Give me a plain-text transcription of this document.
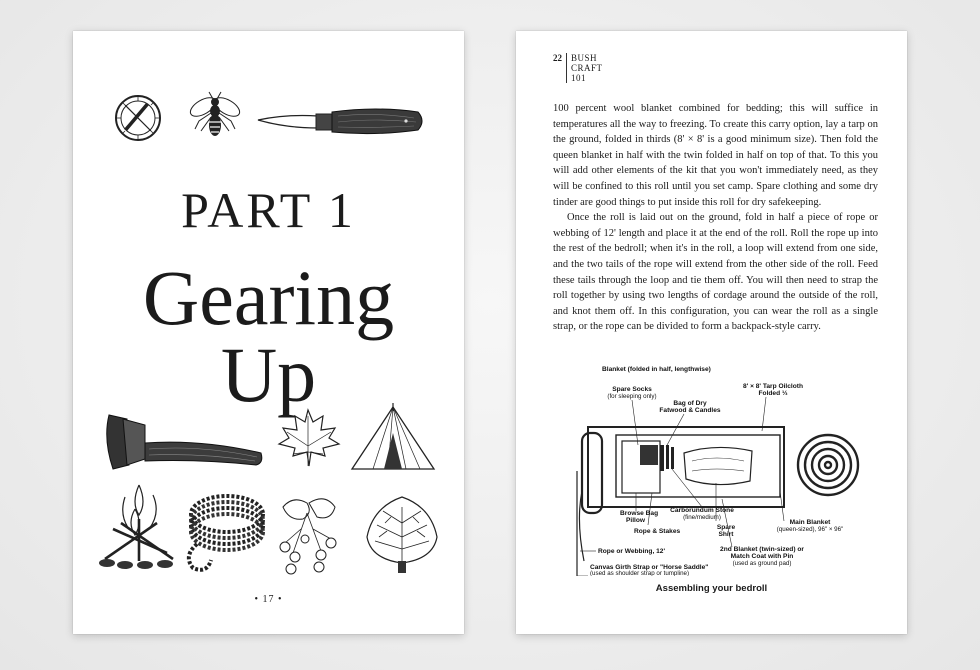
PART 1
Gearing
Up
• 17 •
22	BUSH
CRAFT
101

100 percent wool blanket combined for bedding; this will suffice in temperatures all the way to freezing. To create this carry option, lay a tarp on the ground, folded in thirds (8' × 8' is a good minimum size). Then fold the queen blanket in half with the twin folded in half on top of that. To this you will add other elements of the kit that you won't immediately need, as they will be confined to this roll until you set camp. Spare clothing and some dry tinder are good things to put inside this roll for dry safekeeping.

Once the roll is laid out on the ground, fold in half a piece of rope or webbing of 12' length and place it at the end of the roll. Roll the rope up into the rest of the bedroll; when it's in the roll, a loop will extend from one side, and the two tails of the rope will extend from the other side of the roll. Feed these tails through the loop and tie them off. You will then need to strap the roll together by using two lengths of cordage around the outside of the roll, and knot them off. In this configuration, you can wear the roll as a single strap, or the rope can be divided to form a backpack-style carry.

Blanket (folded in half, lengthwise)
Spare Socks
(for sleeping only)
Bag of Dry
Fatwood & Candles
8' × 8' Tarp Oilcloth
Folded ⅓
Browse Bag
Pillow
Rope & Stakes
Carborundum Stone
(fine/medium)
Spare
Shirt
Main Blanket
(queen-sized), 96" × 96"
Rope or Webbing, 12'	2nd Blanket (twin-sized) or
Match Coat with Pin
(used as ground pad)
Canvas Girth Strap or "Horse Saddle"
(used as shoulder strap or tumpline)
Assembling your bedroll
